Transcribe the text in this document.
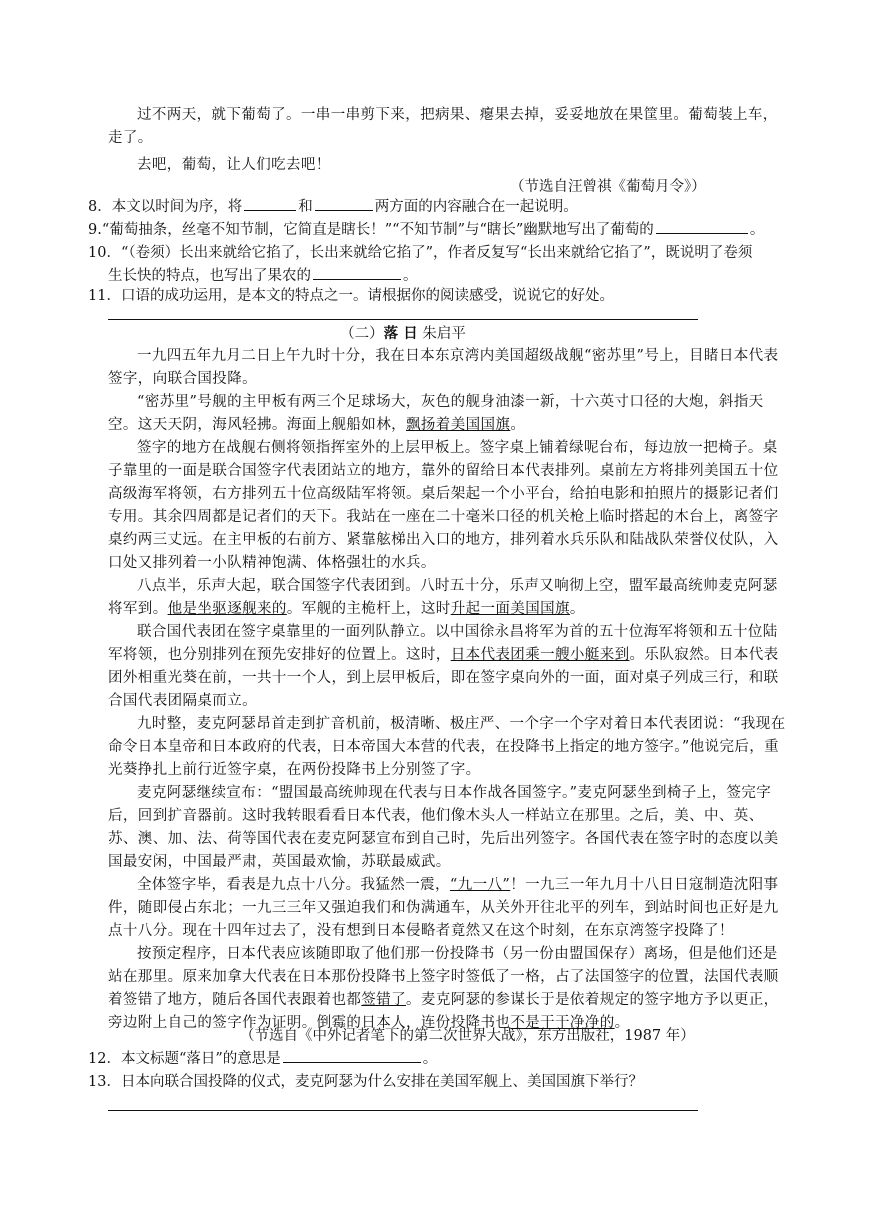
过不两天，就下葡萄了。一串一串剪下来，把病果、瘪果去掉，妥妥地放在果筐里。葡萄装上车，走了。

去吧，葡萄，让人们吃去吧！

（节选自汪曾祺《葡萄月令》）
8．本文以时间为序，将	和	两方面的内容融合在一起说明。
9.“葡萄抽条，丝毫不知节制，它简直是瞎长！”“不知节制”与“瞎长”幽默地写出了葡萄的	。
10．“（卷须）长出来就给它掐了，长出来就给它掐了”，作者反复写“长出来就给它掐了”，既说明了卷须
生长快的特点，也写出了果农的	。
11．口语的成功运用，是本文的特点之一。请根据你的阅读感受，说说它的好处。
（二）落 日 朱启平

一九四五年九月二日上午九时十分，我在日本东京湾内美国超级战舰“密苏里”号上，目睹日本代表签字，向联合国投降。

“密苏里”号舰的主甲板有两三个足球场大，灰色的舰身油漆一新，十六英寸口径的大炮，斜指天空。这天天阴，海风轻拂。海面上舰船如林，飘扬着美国国旗。

签字的地方在战舰右侧将领指挥室外的上层甲板上。签字桌上铺着绿呢台布，每边放一把椅子。桌子靠里的一面是联合国签字代表团站立的地方，靠外的留给日本代表排列。桌前左方将排列美国五十位高级海军将领，右方排列五十位高级陆军将领。桌后架起一个小平台，给拍电影和拍照片的摄影记者们专用。其余四周都是记者们的天下。我站在一座在二十毫米口径的机关枪上临时搭起的木台上，离签字桌约两三丈远。在主甲板的右前方、紧靠舷梯出入口的地方，排列着水兵乐队和陆战队荣誉仪仗队，入口处又排列着一小队精神饱满、体格强壮的水兵。

八点半，乐声大起，联合国签字代表团到。八时五十分，乐声又响彻上空，盟军最高统帅麦克阿瑟将军到。他是坐驱逐舰来的。军舰的主桅杆上，这时升起一面美国国旗。

联合国代表团在签字桌靠里的一面列队静立。以中国徐永昌将军为首的五十位海军将领和五十位陆军将领，也分别排列在预先安排好的位置上。这时，日本代表团乘一艘小艇来到。乐队寂然。日本代表团外相重光葵在前，一共十一个人，到上层甲板后，即在签字桌向外的一面，面对桌子列成三行，和联合国代表团隔桌而立。

九时整，麦克阿瑟昂首走到扩音机前，极清晰、极庄严、一个字一个字对着日本代表团说：“我现在命令日本皇帝和日本政府的代表，日本帝国大本营的代表，在投降书上指定的地方签字。”他说完后，重光葵挣扎上前行近签字桌，在两份投降书上分别签了字。

麦克阿瑟继续宣布：“盟国最高统帅现在代表与日本作战各国签字。”麦克阿瑟坐到椅子上，签完字后，回到扩音器前。这时我转眼看看日本代表，他们像木头人一样站立在那里。之后，美、中、英、苏、澳、加、法、荷等国代表在麦克阿瑟宣布到自己时，先后出列签字。各国代表在签字时的态度以美国最安闲，中国最严肃，英国最欢愉，苏联最威武。

全体签字毕，看表是九点十八分。我猛然一震，“九一八”！一九三一年九月十八日日寇制造沈阳事件，随即侵占东北；一九三三年又强迫我们和伪满通车，从关外开往北平的列车，到站时间也正好是九点十八分。现在十四年过去了，没有想到日本侵略者竟然又在这个时刻，在东京湾签字投降了！

按预定程序，日本代表应该随即取了他们那一份投降书（另一份由盟国保存）离场，但是他们还是站在那里。原来加拿大代表在日本那份投降书上签字时签低了一格，占了法国签字的位置，法国代表顺着签错了地方，随后各国代表跟着也都签错了。麦克阿瑟的参谋长于是依着规定的签字地方予以更正，旁边附上自己的签字作为证明。倒霉的日本人，连份投降书也不是干干净净的。

（节选自《中外记者笔下的第二次世界大战》，东方出版社，1987 年）
12．本文标题“落日”的意思是	。
13．日本向联合国投降的仪式，麦克阿瑟为什么安排在美国军舰上、美国国旗下举行？
